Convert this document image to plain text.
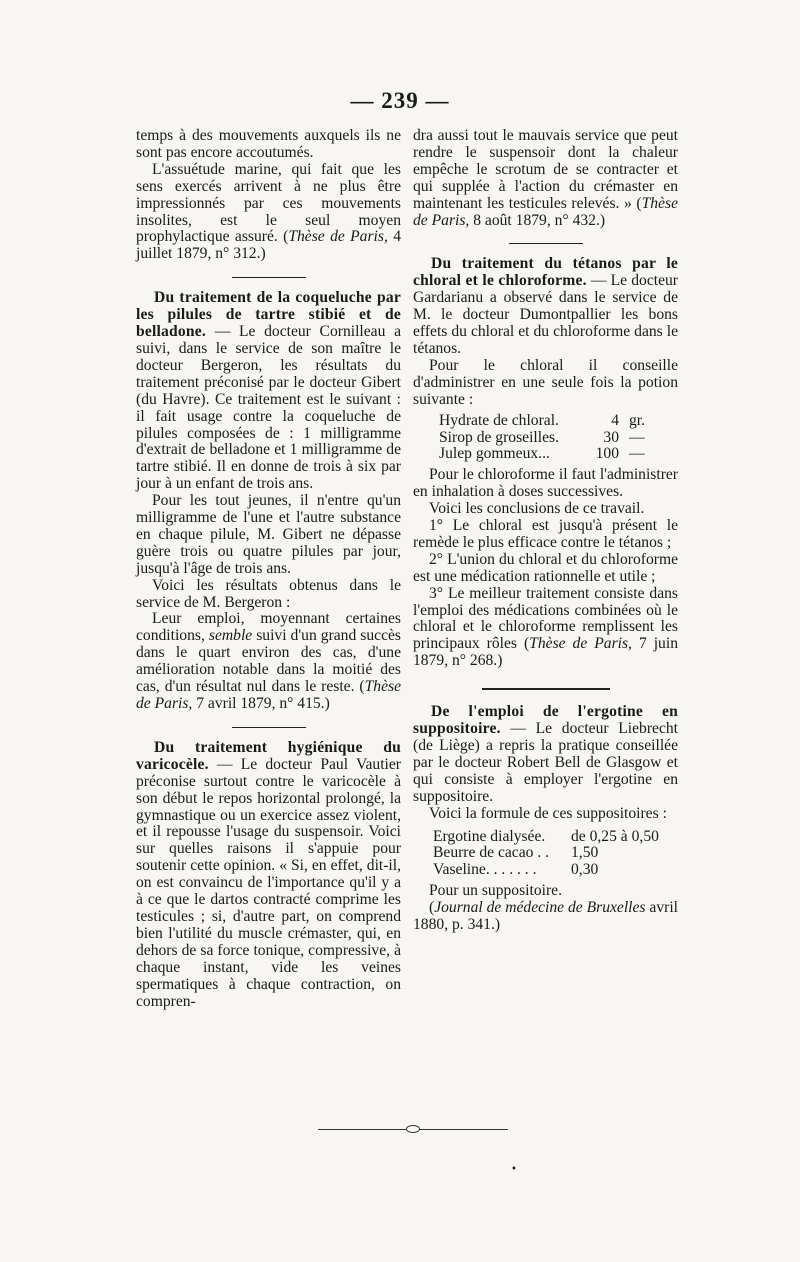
— 239 —

temps à des mouvements auxquels ils ne sont pas encore accoutumés.

L'assuétude marine, qui fait que les sens exercés arrivent à ne plus être impressionnés par ces mouvements insolites, est le seul moyen prophylactique assuré. (Thèse de Paris, 4 juillet 1879, n° 312.)

Du traitement de la coqueluche par les pilules de tartre stibié et de belladone. — Le docteur Cornilleau a suivi, dans le service de son maître le docteur Bergeron, les résultats du traitement préconisé par le docteur Gibert (du Havre). Ce traitement est le suivant : il fait usage contre la coqueluche de pilules composées de : 1 milligramme d'extrait de belladone et 1 milligramme de tartre stibié. Il en donne de trois à six par jour à un enfant de trois ans.

Pour les tout jeunes, il n'entre qu'un milligramme de l'une et l'autre substance en chaque pilule, M. Gibert ne dépasse guère trois ou quatre pilules par jour, jusqu'à l'âge de trois ans.

Voici les résultats obtenus dans le service de M. Bergeron :

Leur emploi, moyennant certaines conditions, semble suivi d'un grand succès dans le quart environ des cas, d'une amélioration notable dans la moitié des cas, d'un résultat nul dans le reste. (Thèse de Paris, 7 avril 1879, n° 415.)

Du traitement hygiénique du varicocèle. — Le docteur Paul Vautier préconise surtout contre le varicocèle à son début le repos horizontal prolongé, la gymnastique ou un exercice assez violent, et il repousse l'usage du suspensoir. Voici sur quelles raisons il s'appuie pour soutenir cette opinion. « Si, en effet, dit-il, on est convaincu de l'importance qu'il y a à ce que le dartos contracté comprime les testicules ; si, d'autre part, on comprend bien l'utilité du muscle crémaster, qui, en dehors de sa force tonique, compressive, à chaque instant, vide les veines spermatiques à chaque contraction, on compren-

dra aussi tout le mauvais service que peut rendre le suspensoir dont la chaleur empêche le scrotum de se contracter et qui supplée à l'action du crémaster en maintenant les testicules relevés. » (Thèse de Paris, 8 août 1879, n° 432.)

Du traitement du tétanos par le chloral et le chloroforme. — Le docteur Gardarianu a observé dans le service de M. le docteur Dumontpallier les bons effets du chloral et du chloroforme dans le tétanos.

Pour le chloral il conseille d'administrer en une seule fois la potion suivante :

Hydrate de chloral.	4 gr.
Sirop de groseilles.	30 —
Julep gommeux...	100 —

Pour le chloroforme il faut l'administrer en inhalation à doses successives.

Voici les conclusions de ce travail.

1° Le chloral est jusqu'à présent le remède le plus efficace contre le tétanos ;

2° L'union du chloral et du chloroforme est une médication rationnelle et utile ;

3° Le meilleur traitement consiste dans l'emploi des médications combinées où le chloral et le chloroforme remplissent les principaux rôles (Thèse de Paris, 7 juin 1879, n° 268.)

De l'emploi de l'ergotine en suppositoire. — Le docteur Liebrecht (de Liège) a repris la pratique conseillée par le docteur Robert Bell de Glasgow et qui consiste à employer l'ergotine en suppositoire.

Voici la formule de ces suppositoires :

Ergotine dialysée.	de 0,25 à 0,50
Beurre de cacao . .	1,50
Vaseline. . . . . . .	0,30

Pour un suppositoire.

(Journal de médecine de Bruxelles avril 1880, p. 341.)

•
